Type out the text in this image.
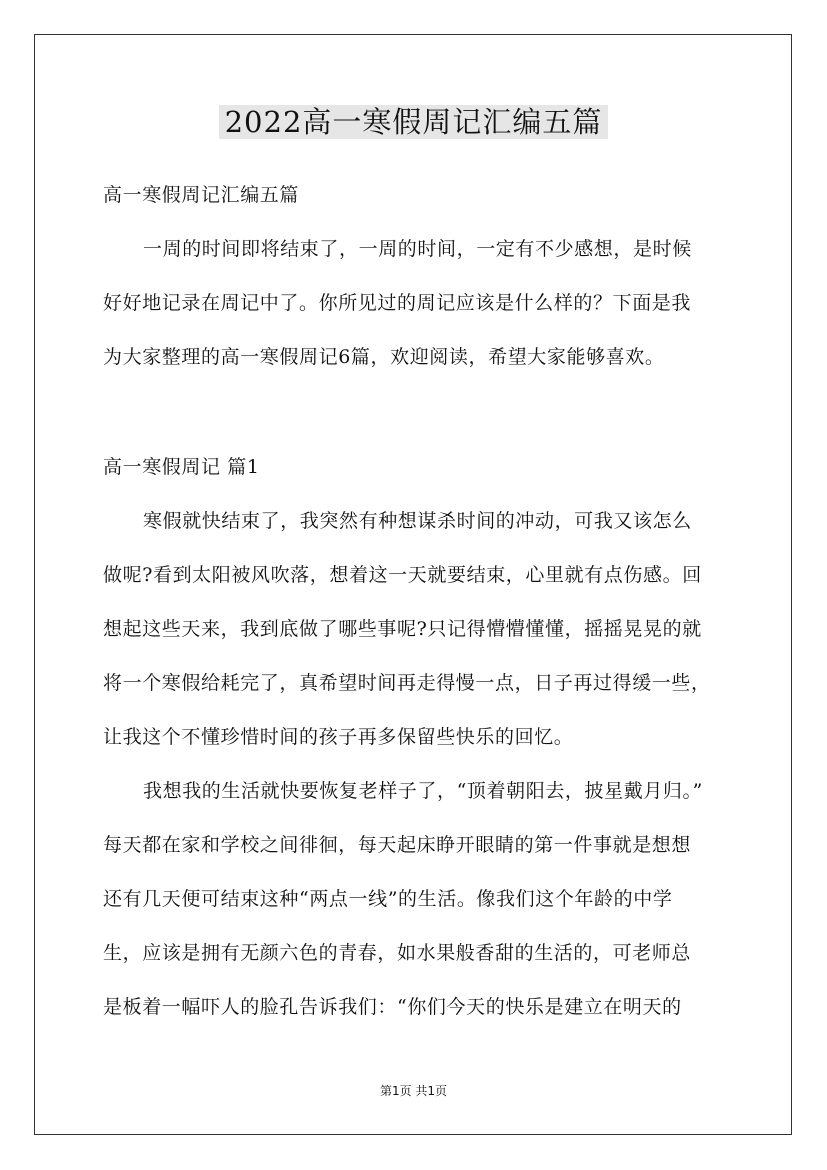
2022高一寒假周记汇编五篇
高一寒假周记汇编五篇
一周的时间即将结束了，一周的时间，一定有不少感想，是时候
好好地记录在周记中了。你所见过的周记应该是什么样的？下面是我
为大家整理的高一寒假周记6篇，欢迎阅读，希望大家能够喜欢。
高一寒假周记 篇1
寒假就快结束了，我突然有种想谋杀时间的冲动，可我又该怎么
做呢?看到太阳被风吹落，想着这一天就要结束，心里就有点伤感。回
想起这些天来，我到底做了哪些事呢?只记得懵懵懂懂，摇摇晃晃的就
将一个寒假给耗完了，真希望时间再走得慢一点，日子再过得缓一些，
让我这个不懂珍惜时间的孩子再多保留些快乐的回忆。
我想我的生活就快要恢复老样子了，“顶着朝阳去，披星戴月归。”
每天都在家和学校之间徘徊，每天起床睁开眼睛的第一件事就是想想
还有几天便可结束这种“两点一线”的生活。像我们这个年龄的中学
生，应该是拥有无颜六色的青春，如水果般香甜的生活的，可老师总
是板着一幅吓人的脸孔告诉我们：“你们今天的快乐是建立在明天的
第1页 共1页
